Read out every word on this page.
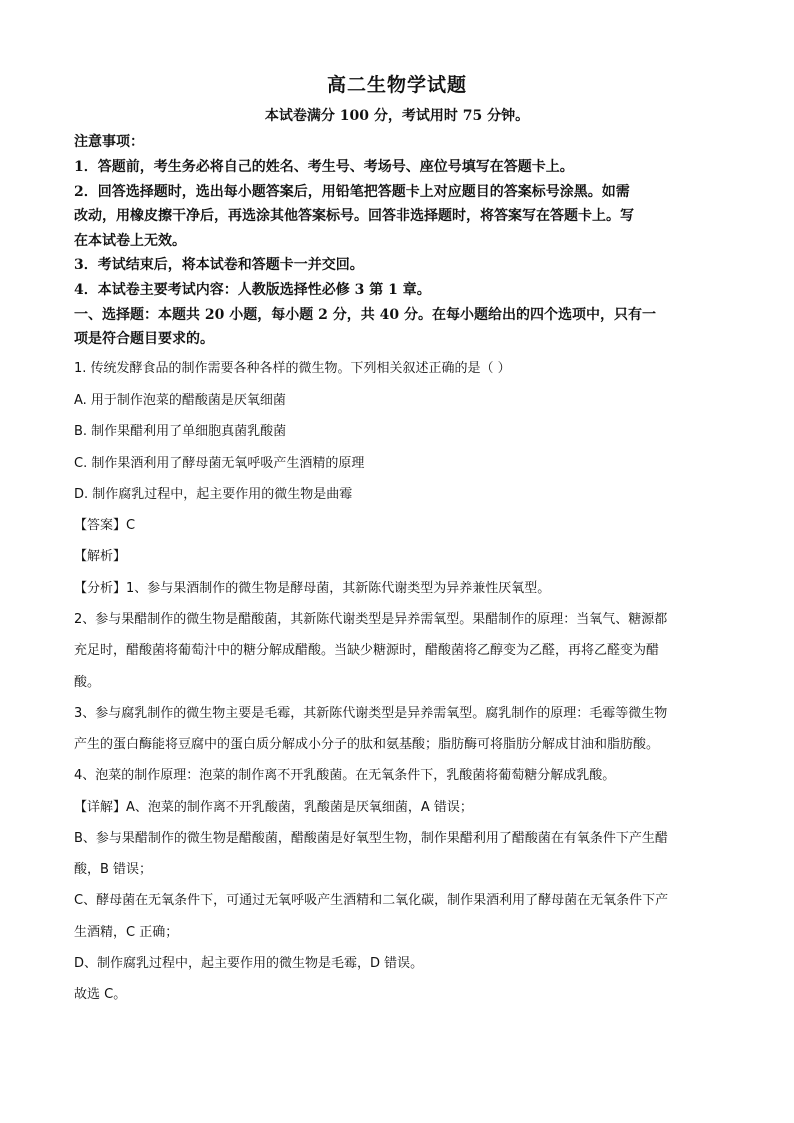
高二生物学试题
本试卷满分 100 分，考试用时 75 分钟。

注意事项：

1．答题前，考生务必将自己的姓名、考生号、考场号、座位号填写在答题卡上。

2．回答选择题时，选出每小题答案后，用铅笔把答题卡上对应题目的答案标号涂黑。如需

改动，用橡皮擦干净后，再选涂其他答案标号。回答非选择题时，将答案写在答题卡上。写

在本试卷上无效。

3．考试结束后，将本试卷和答题卡一并交回。

4．本试卷主要考试内容：人教版选择性必修 3 第 1 章。

一、选择题：本题共 20 小题，每小题 2 分，共 40 分。在每小题给出的四个选项中，只有一

项是符合题目要求的。

1. 传统发酵食品的制作需要各种各样的微生物。下列相关叙述正确的是（ ）

A. 用于制作泡菜的醋酸菌是厌氧细菌

B. 制作果醋利用了单细胞真菌乳酸菌

C. 制作果酒利用了酵母菌无氧呼吸产生酒精的原理

D. 制作腐乳过程中，起主要作用的微生物是曲霉

【答案】C

【解析】

【分析】1、参与果酒制作的微生物是酵母菌，其新陈代谢类型为异养兼性厌氧型。

2、参与果醋制作的微生物是醋酸菌，其新陈代谢类型是异养需氧型。果醋制作的原理：当氧气、糖源都

充足时，醋酸菌将葡萄汁中的糖分解成醋酸。当缺少糖源时，醋酸菌将乙醇变为乙醛，再将乙醛变为醋

酸。

3、参与腐乳制作的微生物主要是毛霉，其新陈代谢类型是异养需氧型。腐乳制作的原理：毛霉等微生物

产生的蛋白酶能将豆腐中的蛋白质分解成小分子的肽和氨基酸；脂肪酶可将脂肪分解成甘油和脂肪酸。

4、泡菜的制作原理：泡菜的制作离不开乳酸菌。在无氧条件下，乳酸菌将葡萄糖分解成乳酸。

【详解】A、泡菜的制作离不开乳酸菌，乳酸菌是厌氧细菌，A 错误；

B、参与果醋制作的微生物是醋酸菌，醋酸菌是好氧型生物，制作果醋利用了醋酸菌在有氧条件下产生醋

酸，B 错误；

C、酵母菌在无氧条件下，可通过无氧呼吸产生酒精和二氧化碳，制作果酒利用了酵母菌在无氧条件下产

生酒精，C 正确；

D、制作腐乳过程中，起主要作用的微生物是毛霉，D 错误。

故选 C。
